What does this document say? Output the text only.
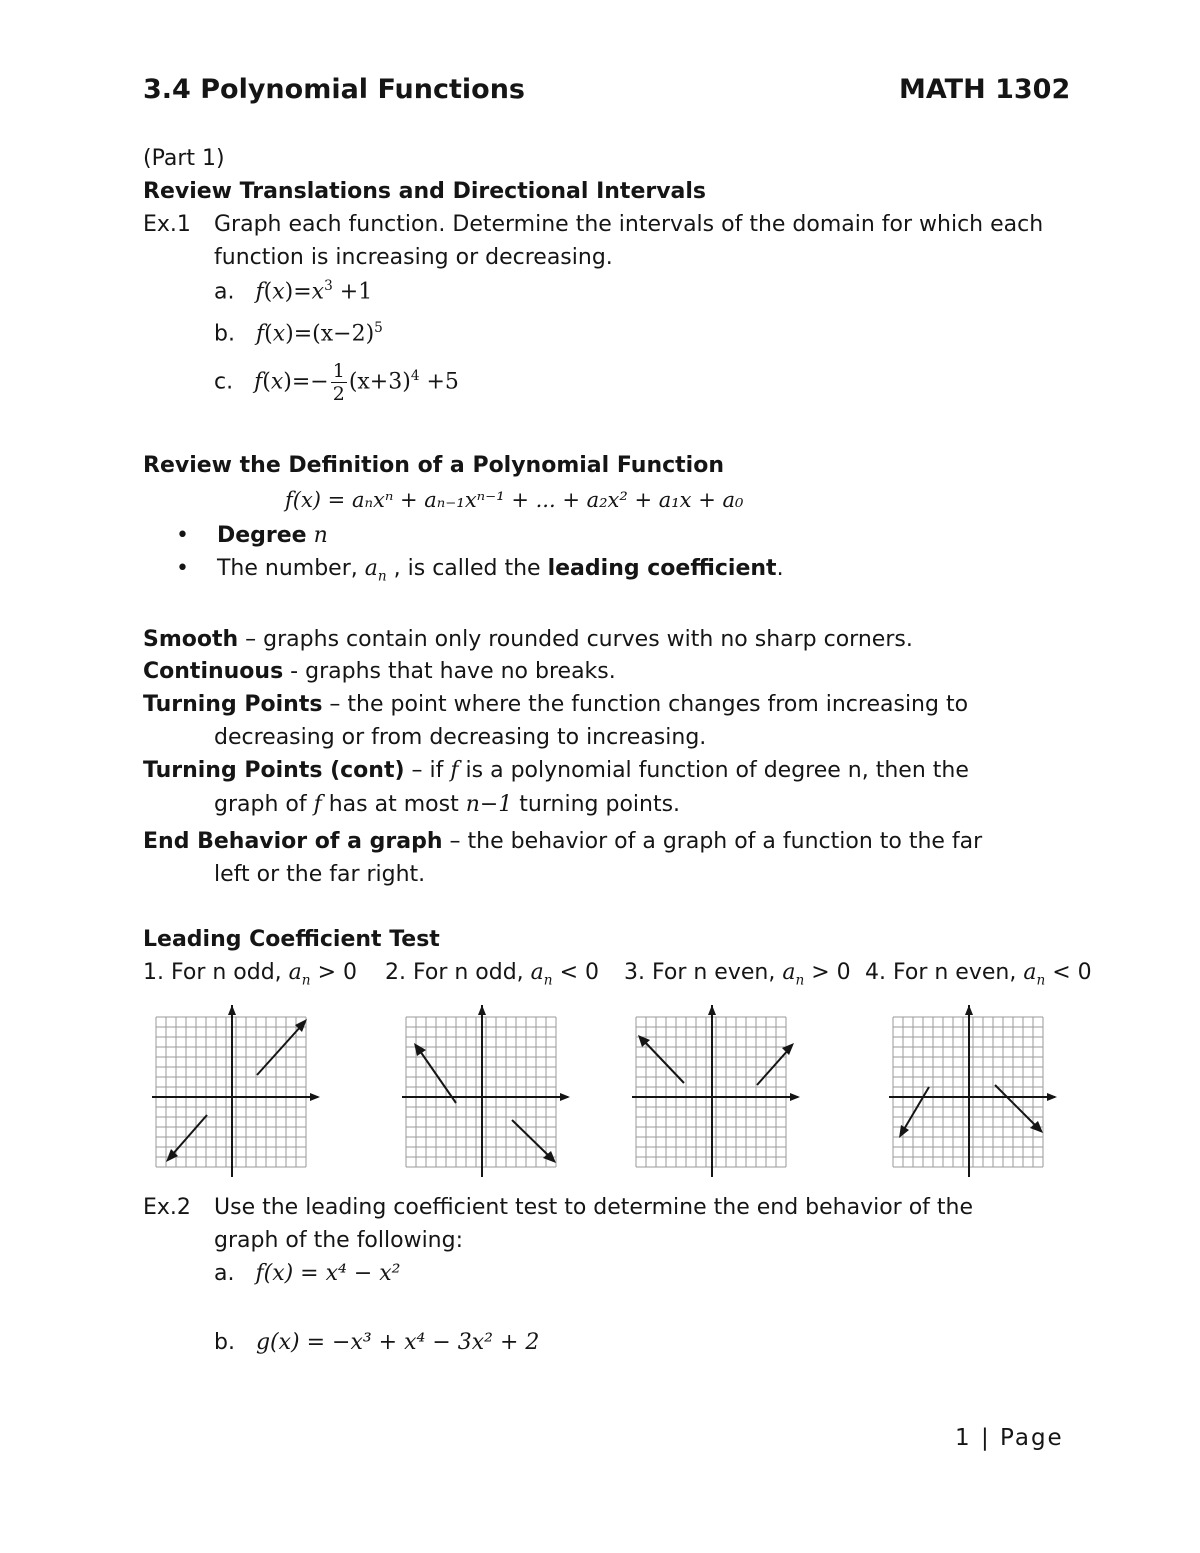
3.4 Polynomial Functions	MATH 1302
(Part 1)
Review Translations and Directional Intervals
Ex.1 Graph each function. Determine the intervals of the domain for which each
function is increasing or decreasing.
a. $f(x)=x^3 +1$
b. $f(x)=(x-2)^5$
c. $f(x)=- \frac{1}{2} (x+3)^4 +5$
Review the Definition of a Polynomial Function
f(x) = aₙxⁿ + aₙ₋₁xⁿ⁻¹ + ... + a₂x² + a₁x + a₀
• Degree n
• The number, $a_n$ , is called the leading coefficient.
Smooth – graphs contain only rounded curves with no sharp corners.
Continuous - graphs that have no breaks.
Turning Points – the point where the function changes from increasing to
decreasing or from decreasing to increasing.
Turning Points (cont) – if f is a polynomial function of degree n, then the
graph of f has at most n−1 turning points.
End Behavior of a graph – the behavior of a graph of a function to the far
left or the far right.
Leading Coefficient Test
1. For n odd, $a_n > 0$ 2. For n odd, $a_n < 0$ 3. For n even, $a_n > 0$ 4. For n even, $a_n < 0$
Ex.2 Use the leading coefficient test to determine the end behavior of the
graph of the following:
a. f(x) = x⁴ − x²
b. g(x) = −x³ + x⁴ − 3x² + 2
1 | Page
